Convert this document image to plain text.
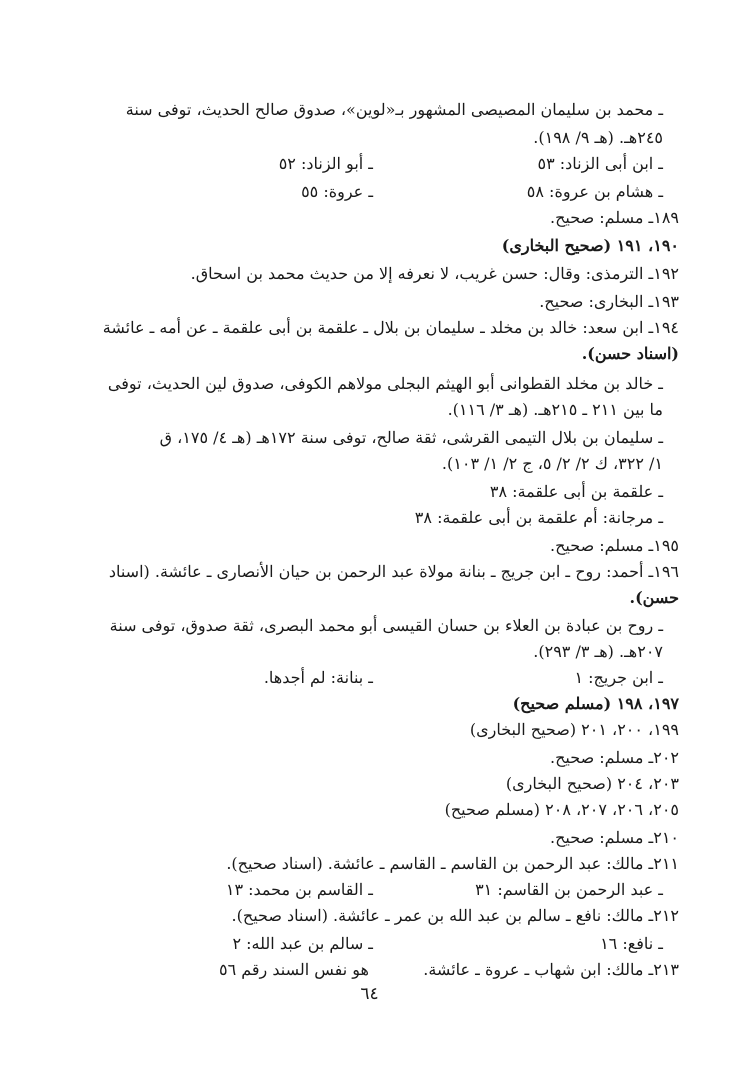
ـ محمد بن سليمان المصيصى المشهور بـ«لوين»، صدوق صالح الحديث، توفى سنة
٢٤٥هـ. (هـ ٩/ ١٩٨).
ـ ابن أبى الزناد: ٥٣
ـ أبو الزناد: ٥٢
ـ هشام بن عروة: ٥٨
ـ عروة: ٥٥
١٨٩ـ مسلم: صحيح.
١٩٠، ١٩١ (صحيح البخارى)
١٩٢ـ الترمذى: وقال: حسن غريب، لا نعرفه إلا من حديث محمد بن اسحاق.
١٩٣ـ البخارى: صحيح.
١٩٤ـ ابن سعد: خالد بن مخلد ـ سليمان بن بلال ـ علقمة بن أبى علقمة ـ عن أمه ـ عائشة
(اسناد حسن).
ـ خالد بن مخلد القطوانى أبو الهيثم البجلى مولاهم الكوفى، صدوق لين الحديث، توفى
ما بين ٢١١ ـ ٢١٥هـ. (هـ ٣/ ١١٦).
ـ سليمان بن بلال التيمى القرشى، ثقة صالح، توفى سنة ١٧٢هـ (هـ ٤/ ١٧٥، ق
١/ ٣٢٢، ك ٢/ ٢/ ٥، ج ٢/ ١/ ١٠٣).
ـ علقمة بن أبى علقمة: ٣٨
ـ مرجانة: أم علقمة بن أبى علقمة: ٣٨
١٩٥ـ مسلم: صحيح.
١٩٦ـ أحمد: روح ـ ابن جريج ـ بنانة مولاة عبد الرحمن بن حيان الأنصارى ـ عائشة. (اسناد
حسن).
ـ روح بن عبادة بن العلاء بن حسان القيسى أبو محمد البصرى، ثقة صدوق، توفى سنة
٢٠٧هـ. (هـ ٣/ ٢٩٣).
ـ ابن جريج: ١
ـ بنانة: لم أجدها.
١٩٧، ١٩٨ (مسلم صحيح)
١٩٩، ٢٠٠، ٢٠١ (صحيح البخارى)
٢٠٢ـ مسلم: صحيح.
٢٠٣، ٢٠٤ (صحيح البخارى)
٢٠٥، ٢٠٦، ٢٠٧، ٢٠٨ (مسلم صحيح)
٢١٠ـ مسلم: صحيح.
٢١١ـ مالك: عبد الرحمن بن القاسم ـ القاسم ـ عائشة. (اسناد صحيح).
ـ عبد الرحمن بن القاسم: ٣١
ـ القاسم بن محمد: ١٣
٢١٢ـ مالك: نافع ـ سالم بن عبد الله بن عمر ـ عائشة. (اسناد صحيح).
ـ نافع: ١٦
ـ سالم بن عبد الله: ٢
٢١٣ـ مالك: ابن شهاب ـ عروة ـ عائشة.
هو نفس السند رقم ٥٦
٦٤
